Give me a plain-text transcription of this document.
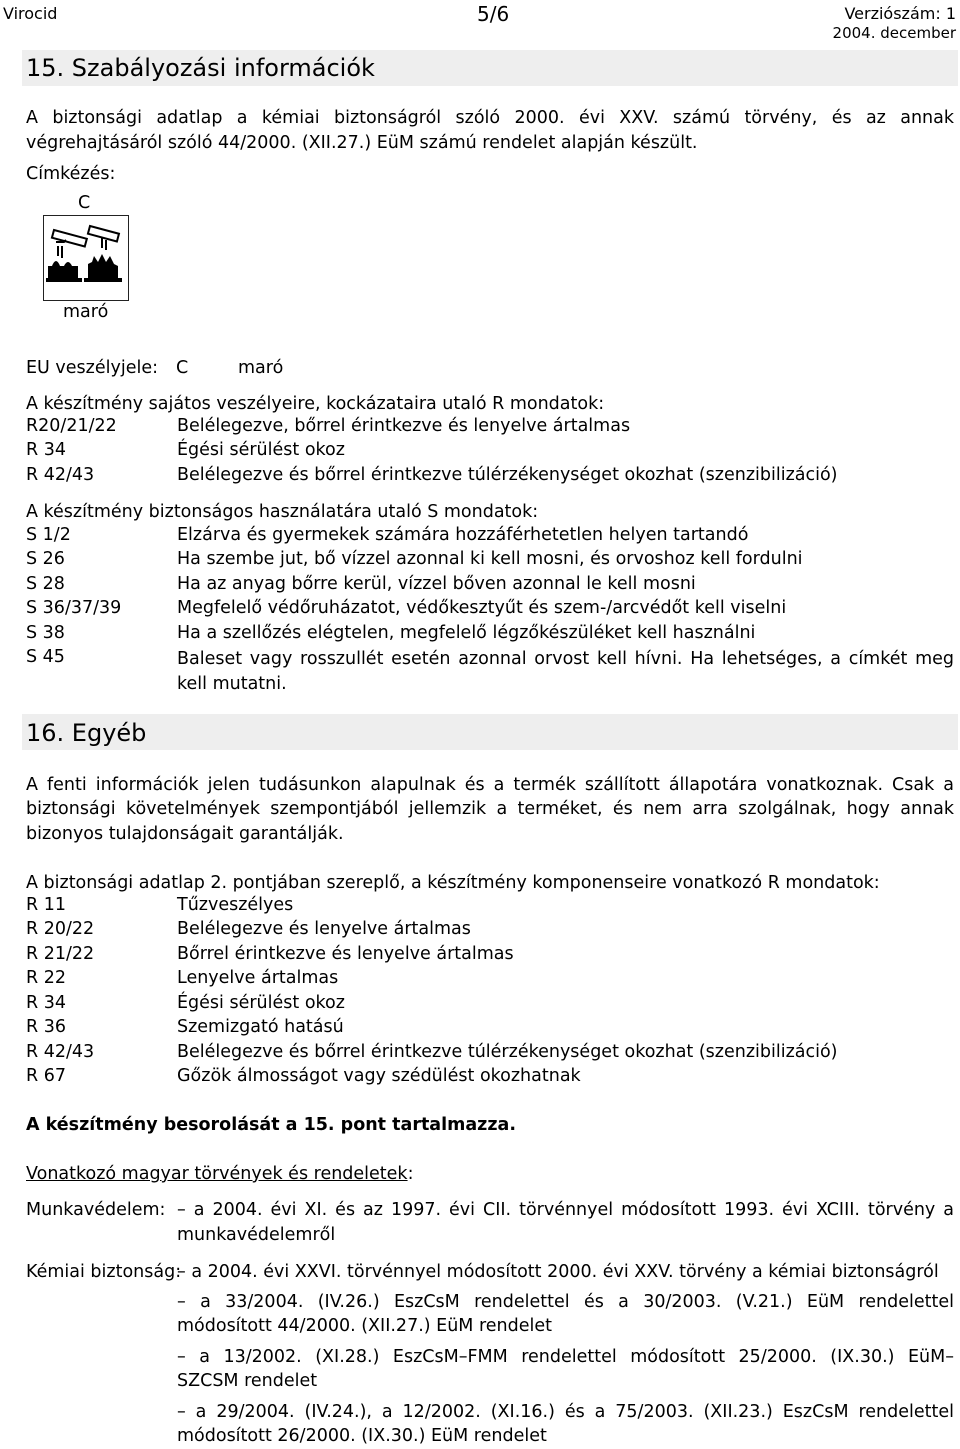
Virocid	5/6	Verziószám: 1
2004. december
15. Szabályozási információk
A biztonsági adatlap a kémiai biztonságról szóló 2000. évi XXV. számú törvény, és az annak
végrehajtásáról szóló 44/2000. (XII.27.) EüM számú rendelet alapján készült.
Címkézés:
C
maró
EU veszélyjele: C	maró
A készítmény sajátos veszélyeire, kockázataira utaló R mondatok:
R20/21/22	Belélegezve, bőrrel érintkezve és lenyelve ártalmas
R 34	Égési sérülést okoz
R 42/43	Belélegezve és bőrrel érintkezve túlérzékenységet okozhat (szenzibilizáció)
A készítmény biztonságos használatára utaló S mondatok:
S 1/2	Elzárva és gyermekek számára hozzáférhetetlen helyen tartandó
S 26	Ha szembe jut, bő vízzel azonnal ki kell mosni, és orvoshoz kell fordulni
S 28	Ha az anyag bőrre kerül, vízzel bőven azonnal le kell mosni
S 36/37/39	Megfelelő védőruházatot, védőkesztyűt és szem-/arcvédőt kell viselni
S 38	Ha a szellőzés elégtelen, megfelelő légzőkészüléket kell használni
S 45	Baleset vagy rosszullét esetén azonnal orvost kell hívni. Ha lehetséges, a címkét meg
kell mutatni.
16. Egyéb
A fenti információk jelen tudásunkon alapulnak és a termék szállított állapotára vonatkoznak. Csak a
biztonsági követelmények szempontjából jellemzik a terméket, és nem arra szolgálnak, hogy annak
bizonyos tulajdonságait garantálják.
A biztonsági adatlap 2. pontjában szereplő, a készítmény komponenseire vonatkozó R mondatok:
R 11	Tűzveszélyes
R 20/22	Belélegezve és lenyelve ártalmas
R 21/22	Bőrrel érintkezve és lenyelve ártalmas
R 22	Lenyelve ártalmas
R 34	Égési sérülést okoz
R 36	Szemizgató hatású
R 42/43	Belélegezve és bőrrel érintkezve túlérzékenységet okozhat (szenzibilizáció)
R 67	Gőzök álmosságot vagy szédülést okozhatnak
A készítmény besorolását a 15. pont tartalmazza.
Vonatkozó magyar törvények és rendeletek:
Munkavédelem: – a 2004. évi XI. és az 1997. évi CII. törvénnyel módosított 1993. évi XCIII. törvény a
munkavédelemről
Kémiai biztonság:
– a 2004. évi XXVI. törvénnyel módosított 2000. évi XXV. törvény a kémiai biztonságról
– a 33/2004. (IV.26.) EszCsM rendelettel és a 30/2003. (V.21.) EüM rendelettel
módosított 44/2000. (XII.27.) EüM rendelet
– a 13/2002. (XI.28.) EszCsM–FMM rendelettel módosított 25/2000. (IX.30.) EüM–
SZCSM rendelet
– a 29/2004. (IV.24.), a 12/2002. (XI.16.) és a 75/2003. (XII.23.) EszCsM rendelettel
módosított 26/2000. (IX.30.) EüM rendelet
